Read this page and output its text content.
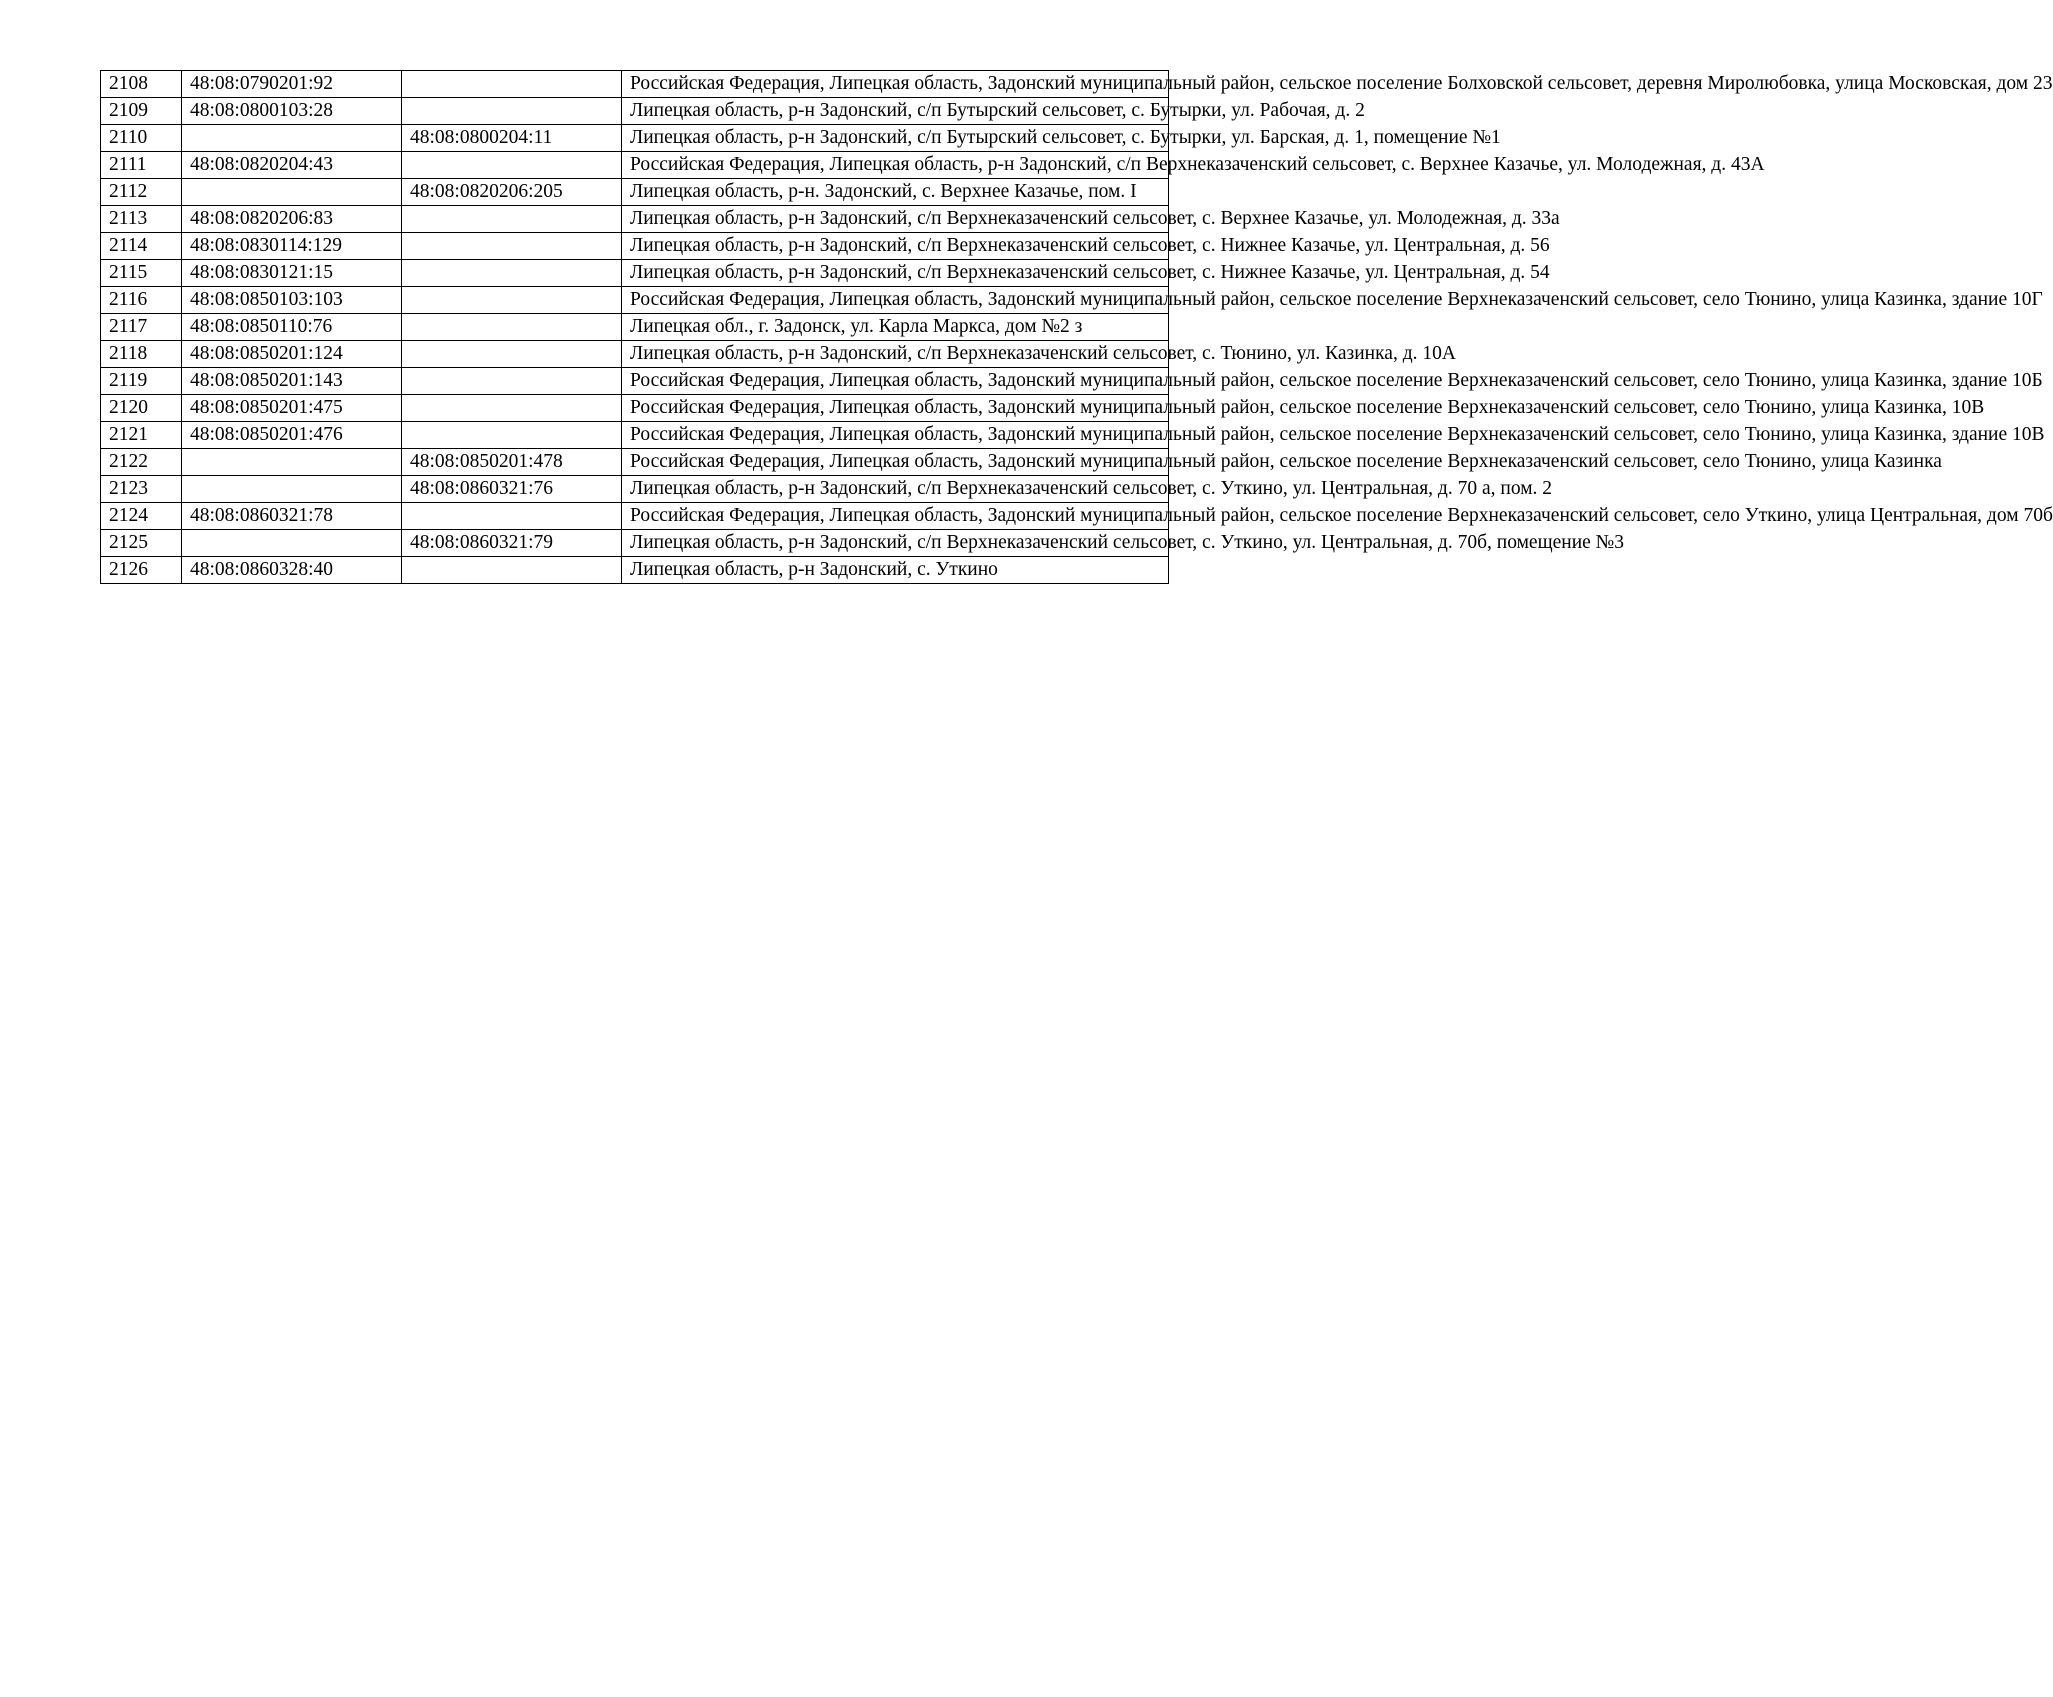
2108	48:08:0790201:92		Российская Федерация, Липецкая область, Задонский муниципальный район, сельское поселение Болховской сельсовет, деревня Миролюбовка, улица Московская, дом 23
2109	48:08:0800103:28		Липецкая область, р-н Задонский, с/п Бутырский сельсовет, с. Бутырки, ул. Рабочая, д. 2
2110		48:08:0800204:11	Липецкая область, р-н Задонский, с/п Бутырский сельсовет, с. Бутырки, ул. Барская, д. 1, помещение №1
2111	48:08:0820204:43		Российская Федерация, Липецкая область, р-н Задонский, с/п Верхнеказаченский сельсовет, с. Верхнее Казачье, ул. Молодежная, д. 43А
2112		48:08:0820206:205	Липецкая область, р-н. Задонский, с. Верхнее Казачье, пом. I
2113	48:08:0820206:83		Липецкая область, р-н Задонский, с/п Верхнеказаченский сельсовет, с. Верхнее Казачье, ул. Молодежная, д. 33а
2114	48:08:0830114:129		Липецкая область, р-н Задонский, с/п Верхнеказаченский сельсовет, с. Нижнее Казачье, ул. Центральная, д. 56
2115	48:08:0830121:15		Липецкая область, р-н Задонский, с/п Верхнеказаченский сельсовет, с. Нижнее Казачье, ул. Центральная, д. 54
2116	48:08:0850103:103		Российская Федерация, Липецкая область, Задонский муниципальный район, сельское поселение Верхнеказаченский сельсовет, село Тюнино, улица Казинка, здание 10Г
2117	48:08:0850110:76		Липецкая обл., г. Задонск, ул. Карла Маркса, дом №2 з
2118	48:08:0850201:124		Липецкая область, р-н Задонский, с/п Верхнеказаченский сельсовет, с. Тюнино, ул. Казинка, д. 10А
2119	48:08:0850201:143		Российская Федерация, Липецкая область, Задонский муниципальный район, сельское поселение Верхнеказаченский сельсовет, село Тюнино, улица Казинка, здание 10Б
2120	48:08:0850201:475		Российская Федерация, Липецкая область, Задонский муниципальный район, сельское поселение Верхнеказаченский сельсовет, село Тюнино, улица Казинка, 10В
2121	48:08:0850201:476		Российская Федерация, Липецкая область, Задонский муниципальный район, сельское поселение Верхнеказаченский сельсовет, село Тюнино, улица Казинка, здание 10В
2122		48:08:0850201:478	Российская Федерация, Липецкая область, Задонский муниципальный район, сельское поселение Верхнеказаченский сельсовет, село Тюнино, улица Казинка
2123		48:08:0860321:76	Липецкая область, р-н Задонский, с/п Верхнеказаченский сельсовет, с. Уткино, ул. Центральная, д. 70 а, пом. 2
2124	48:08:0860321:78		Российская Федерация, Липецкая область, Задонский муниципальный район, сельское поселение Верхнеказаченский сельсовет, село Уткино, улица Центральная, дом 70б
2125		48:08:0860321:79	Липецкая область, р-н Задонский, с/п Верхнеказаченский сельсовет, с. Уткино, ул. Центральная, д. 70б, помещение №3
2126	48:08:0860328:40		Липецкая область, р-н Задонский, с. Уткино
